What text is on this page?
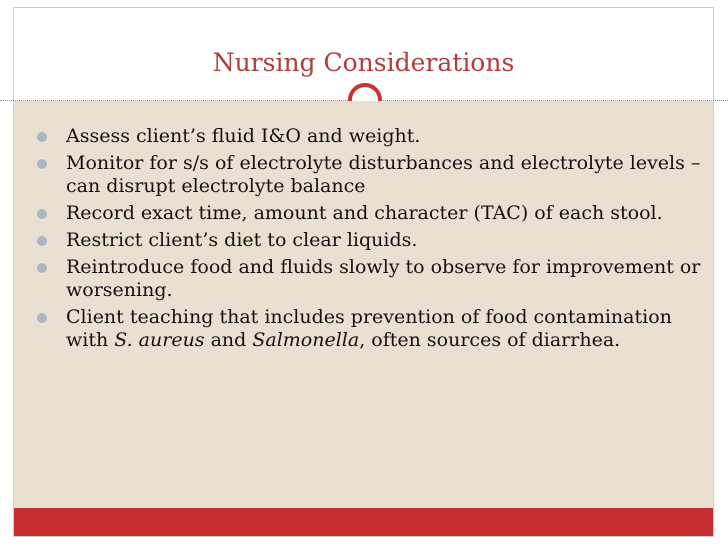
Nursing Considerations
Assess client’s fluid I&O and weight.
Monitor for s/s of electrolyte disturbances and electrolyte levels – can disrupt electrolyte balance
Record exact time, amount and character (TAC) of each stool.
Restrict client’s diet to clear liquids.
Reintroduce food and fluids slowly to observe for improvement or worsening.
Client teaching that includes prevention of food contamination with S. aureus and Salmonella, often sources of diarrhea.
